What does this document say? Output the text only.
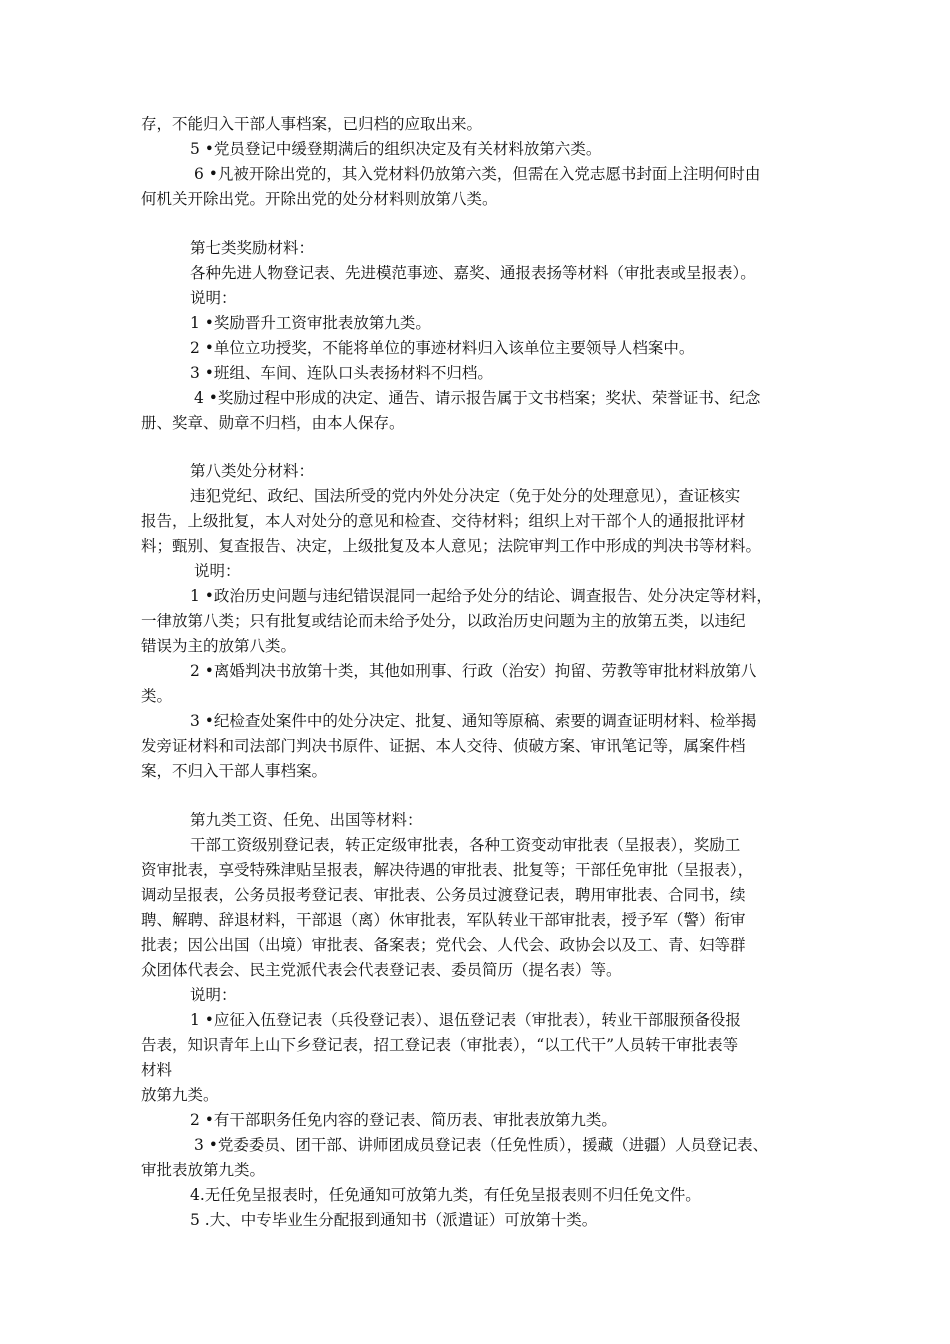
存，不能归入干部人事档案，已归档的应取出来。
5 •党员登记中缓登期满后的组织决定及有关材料放第六类。
6 •凡被开除出党的，其入党材料仍放第六类，但需在入党志愿书封面上注明何时由
何机关开除出党。开除出党的处分材料则放第八类。
第七类奖励材料：
各种先进人物登记表、先进模范事迹、嘉奖、通报表扬等材料（审批表或呈报表）。
说明：
1 •奖励晋升工资审批表放第九类。
2 •单位立功授奖，不能将单位的事迹材料归入该单位主要领导人档案中。
3 •班组、车间、连队口头表扬材料不归档。
4 •奖励过程中形成的决定、通告、请示报告属于文书档案；奖状、荣誉证书、纪念
册、奖章、勋章不归档，由本人保存。
第八类处分材料：
违犯党纪、政纪、国法所受的党内外处分决定（免于处分的处理意见），查证核实
报告，上级批复，本人对处分的意见和检查、交待材料；组织上对干部个人的通报批评材
料；甄别、复查报告、决定，上级批复及本人意见；法院审判工作中形成的判决书等材料。
说明：
1 •政治历史问题与违纪错误混同一起给予处分的结论、调查报告、处分决定等材料，
一律放第八类；只有批复或结论而未给予处分，以政治历史问题为主的放第五类，以违纪
错误为主的放第八类。
2 •离婚判决书放第十类，其他如刑事、行政（治安）拘留、劳教等审批材料放第八
类。
3 •纪检查处案件中的处分决定、批复、通知等原稿、索要的调查证明材料、检举揭
发旁证材料和司法部门判决书原件、证据、本人交待、侦破方案、审讯笔记等，属案件档
案，不归入干部人事档案。
第九类工资、任免、出国等材料：
干部工资级别登记表，转正定级审批表，各种工资变动审批表（呈报表），奖励工
资审批表，享受特殊津贴呈报表，解决待遇的审批表、批复等；干部任免审批（呈报表），
调动呈报表，公务员报考登记表、审批表、公务员过渡登记表，聘用审批表、合同书，续
聘、解聘、辞退材料，干部退（离）休审批表，军队转业干部审批表，授予军（警）衔审
批表；因公出国（出境）审批表、备案表；党代会、人代会、政协会以及工、青、妇等群
众团体代表会、民主党派代表会代表登记表、委员简历（提名表）等。
说明：
1 •应征入伍登记表（兵役登记表）、退伍登记表（审批表），转业干部服预备役报
告表，知识青年上山下乡登记表，招工登记表（审批表），“以工代干”人员转干审批表等
材料
放第九类。
2 •有干部职务任免内容的登记表、简历表、审批表放第九类。
3 •党委委员、团干部、讲师团成员登记表（任免性质），援藏（进疆）人员登记表、
审批表放第九类。
4.无任免呈报表时，任免通知可放第九类，有任免呈报表则不归任免文件。
5 .大、中专毕业生分配报到通知书（派遣证）可放第十类。
